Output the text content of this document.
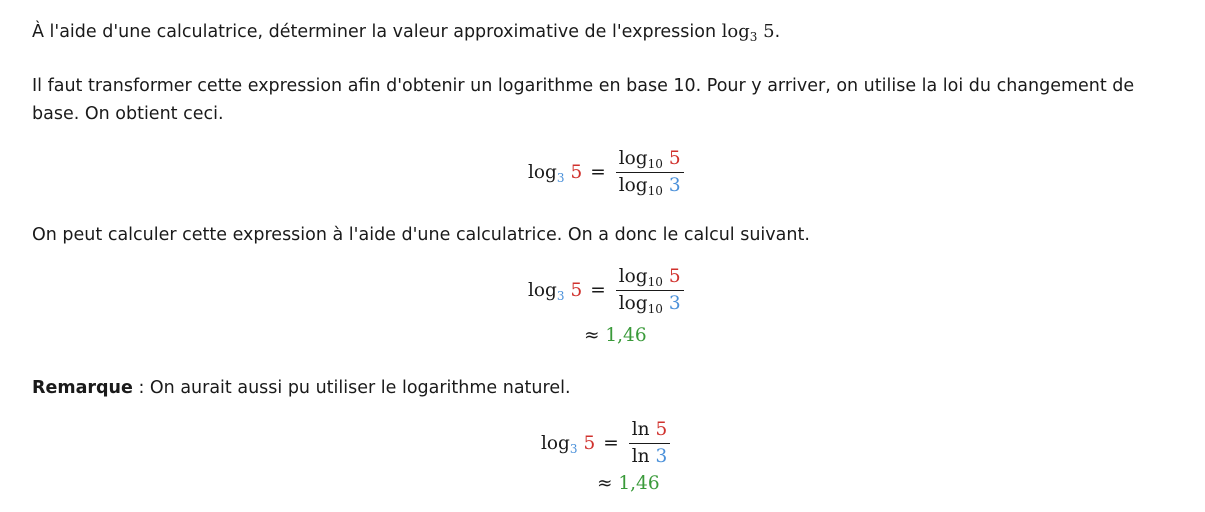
À l'aide d'une calculatrice, déterminer la valeur approximative de l'expression $\log_3 5$.
Il faut transformer cette expression afin d'obtenir un logarithme en base 10. Pour y arriver, on utilise la loi du changement de base. On obtient ceci.
$\log_3 5 = \frac{\log_{10} 5}{\log_{10} 3}$
On peut calculer cette expression à l'aide d'une calculatrice. On a donc le calcul suivant.
$\log_3 5 = \frac{\log_{10} 5}{\log_{10} 3}$
≈ 1,46
Remarque : On aurait aussi pu utiliser le logarithme naturel.
$\log_3 5 = \frac{\ln 5}{\ln 3}$
≈ 1,46
